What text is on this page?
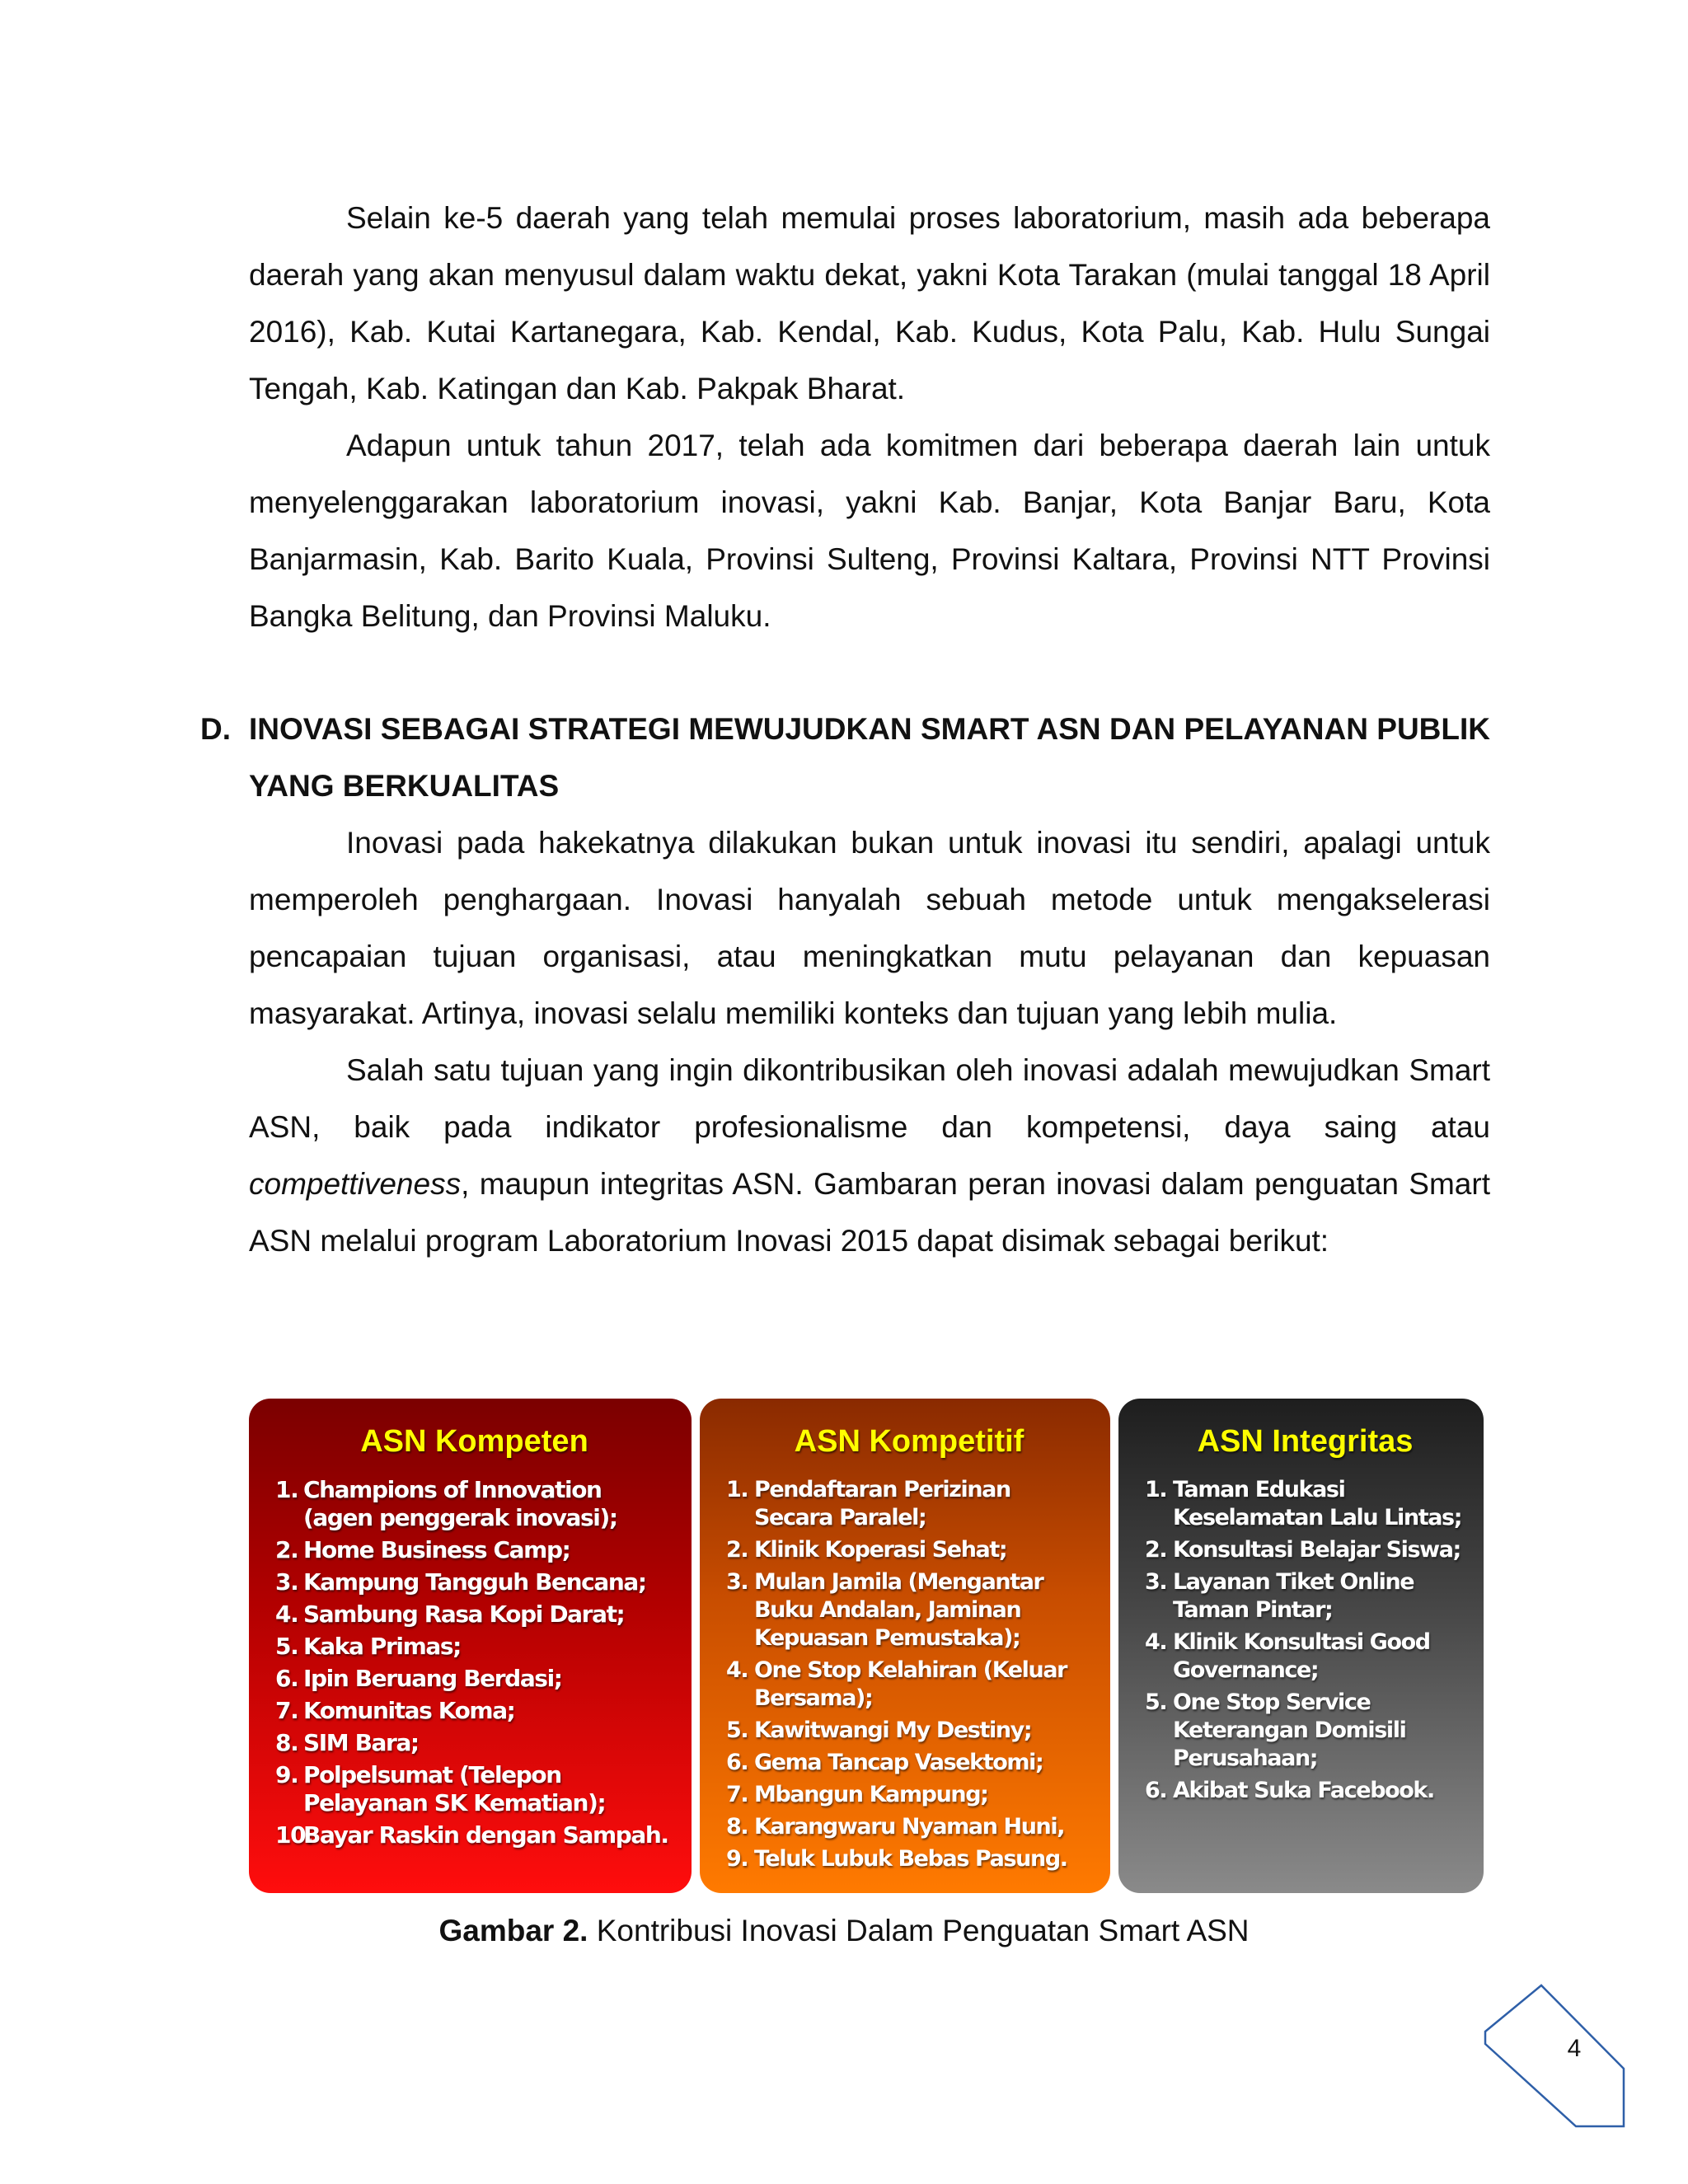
Selain ke-5 daerah yang telah memulai proses laboratorium, masih ada beberapa daerah yang akan menyusul dalam waktu dekat, yakni Kota Tarakan (mulai tanggal 18 April 2016), Kab. Kutai Kartanegara, Kab. Kendal, Kab. Kudus, Kota Palu, Kab. Hulu Sungai Tengah, Kab. Katingan dan Kab. Pakpak Bharat.

Adapun untuk tahun 2017, telah ada komitmen dari beberapa daerah lain untuk menyelenggarakan laboratorium inovasi, yakni Kab. Banjar, Kota Banjar Baru, Kota Banjarmasin, Kab. Barito Kuala, Provinsi Sulteng, Provinsi Kaltara, Provinsi NTT Provinsi Bangka Belitung, dan Provinsi Maluku.

D. INOVASI SEBAGAI STRATEGI MEWUJUDKAN SMART ASN DAN PELAYANAN PUBLIK YANG BERKUALITAS

Inovasi pada hakekatnya dilakukan bukan untuk inovasi itu sendiri, apalagi untuk memperoleh penghargaan. Inovasi hanyalah sebuah metode untuk mengakselerasi pencapaian tujuan organisasi, atau meningkatkan mutu pelayanan dan kepuasan masyarakat. Artinya, inovasi selalu memiliki konteks dan tujuan yang lebih mulia.

Salah satu tujuan yang ingin dikontribusikan oleh inovasi adalah mewujudkan Smart ASN, baik pada indikator profesionalisme dan kompetensi, daya saing atau compettiveness, maupun integritas ASN. Gambaran peran inovasi dalam penguatan Smart ASN melalui program Laboratorium Inovasi 2015 dapat disimak sebagai berikut:

ASN Kompeten
1. Champions of Innovation (agen penggerak inovasi);
2. Home Business Camp;
3. Kampung Tangguh Bencana;
4. Sambung Rasa Kopi Darat;
5. Kaka Primas;
6. Ipin Beruang Berdasi;
7. Komunitas Koma;
8. SIM Bara;
9. Polpelsumat (Telepon Pelayanan SK Kematian);
10.
Bayar Raskin dengan Sampah.
ASN Kompetitif
1. Pendaftaran Perizinan Secara Paralel;
2. Klinik Koperasi Sehat;
3. Mulan Jamila (Mengantar Buku Andalan, Jaminan Kepuasan Pemustaka);
4. One Stop Kelahiran (Keluar Bersama);
5. Kawitwangi My Destiny;
6. Gema Tancap Vasektomi;
7. Mbangun Kampung;
8. Karangwaru Nyaman Huni,
9. Teluk Lubuk Bebas Pasung.
ASN Integritas
1. Taman Edukasi Keselamatan Lalu Lintas;
2. Konsultasi Belajar Siswa;
3. Layanan Tiket Online Taman Pintar;
4. Klinik Konsultasi Good Governance;
5. One Stop Service Keterangan Domisili Perusahaan;
6. Akibat Suka Facebook.

Gambar 2. Kontribusi Inovasi Dalam Penguatan Smart ASN

4
